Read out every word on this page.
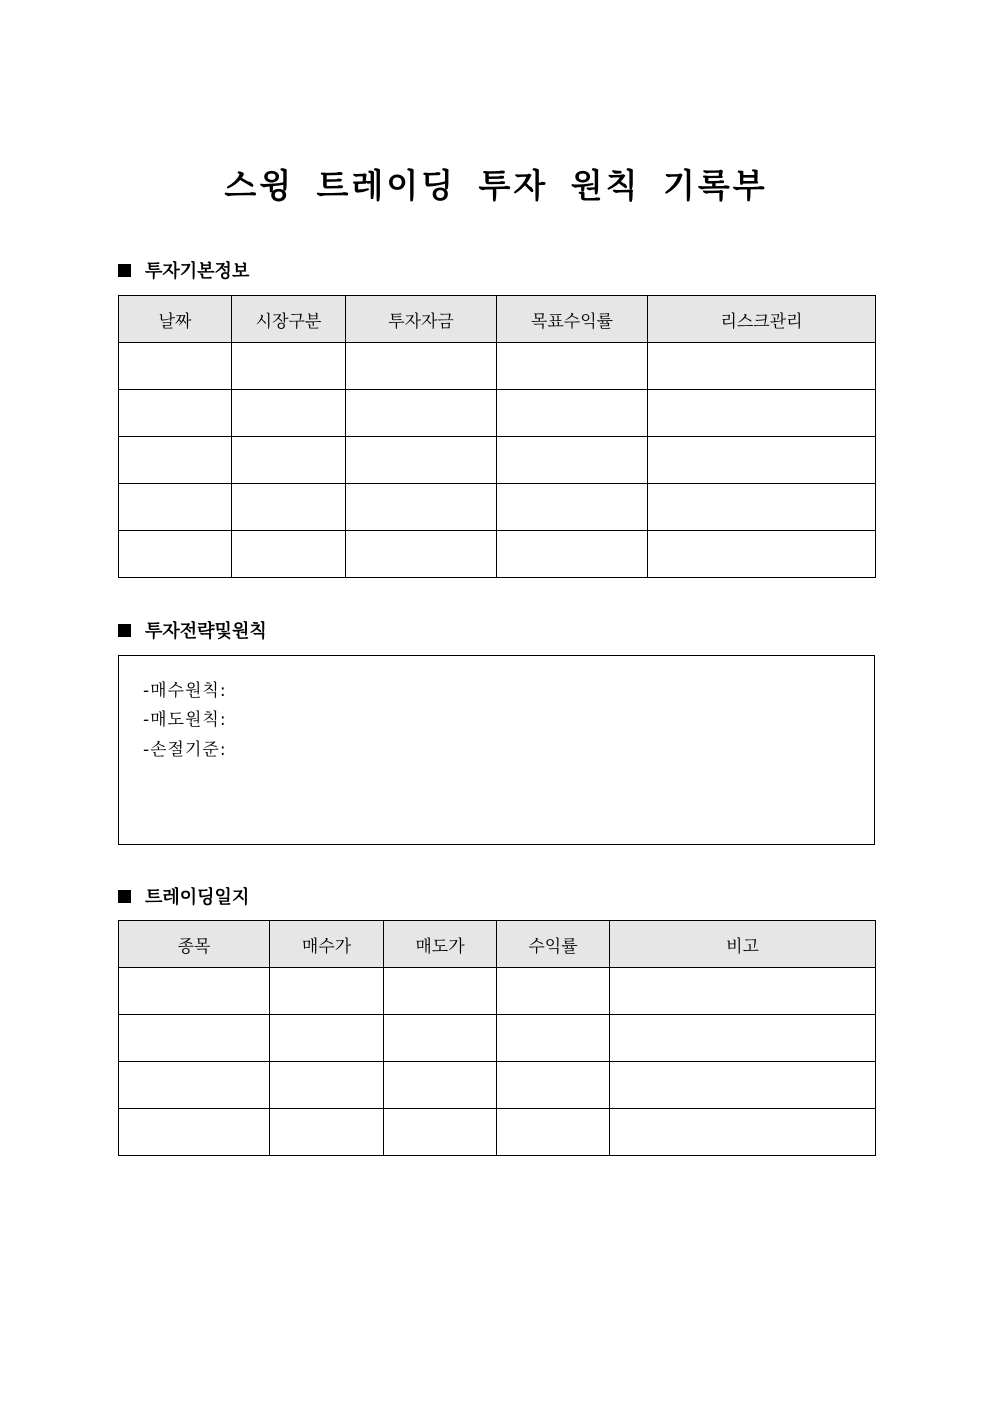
스윙 트레이딩 투자 원칙 기록부
투자기본정보
날짜	시장구분	투자자금	목표수익률	리스크관리

투자전략및원칙
-매수원칙:
-매도원칙:
-손절기준:
트레이딩일지
종목	매수가	매도가	수익률	비고
